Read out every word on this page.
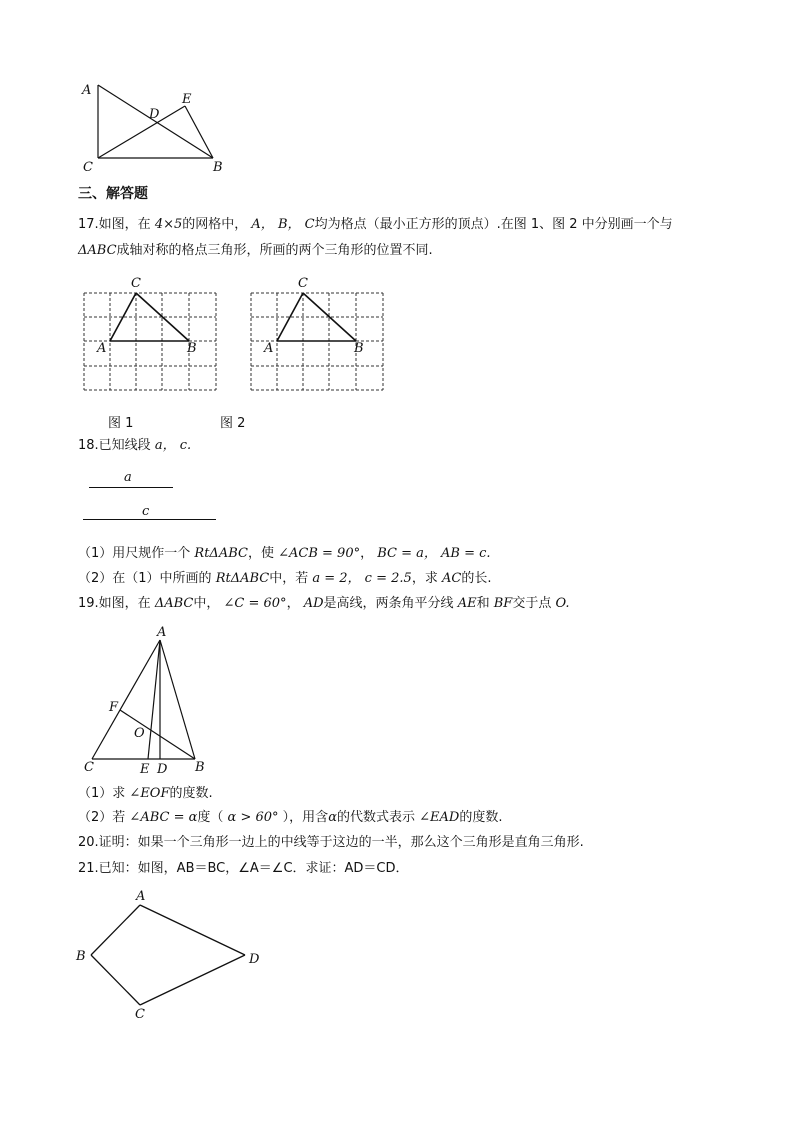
A
D
E
C	B
三、解答题
17.如图，在 4×5的网格中， A， B， C均为格点（最小正方形的顶点）.在图 1、图 2 中分别画一个与
ΔABC成轴对称的格点三角形，所画的两个三角形的位置不同.
C
A	B
C
A	B
图 1	图 2
18.已知线段 a， c.
a
c
（1）用尺规作一个 RtΔABC，使 ∠ACB = 90°， BC = a， AB = c.
（2）在（1）中所画的 RtΔABC中，若 a = 2， c = 2.5，求 AC的长.
19.如图，在 ΔABC中， ∠C = 60°， AD是高线，两条角平分线 AE和 BF交于点 O.
A
F
O
C	E D B
（1）求 ∠EOF的度数.
（2）若 ∠ABC = α度（ α > 60° ），用含α的代数式表示 ∠EAD的度数.
20.证明：如果一个三角形一边上的中线等于这边的一半，那么这个三角形是直角三角形.
21.已知：如图，AB＝BC，∠A＝∠C．求证：AD＝CD．
A
B	D
C
